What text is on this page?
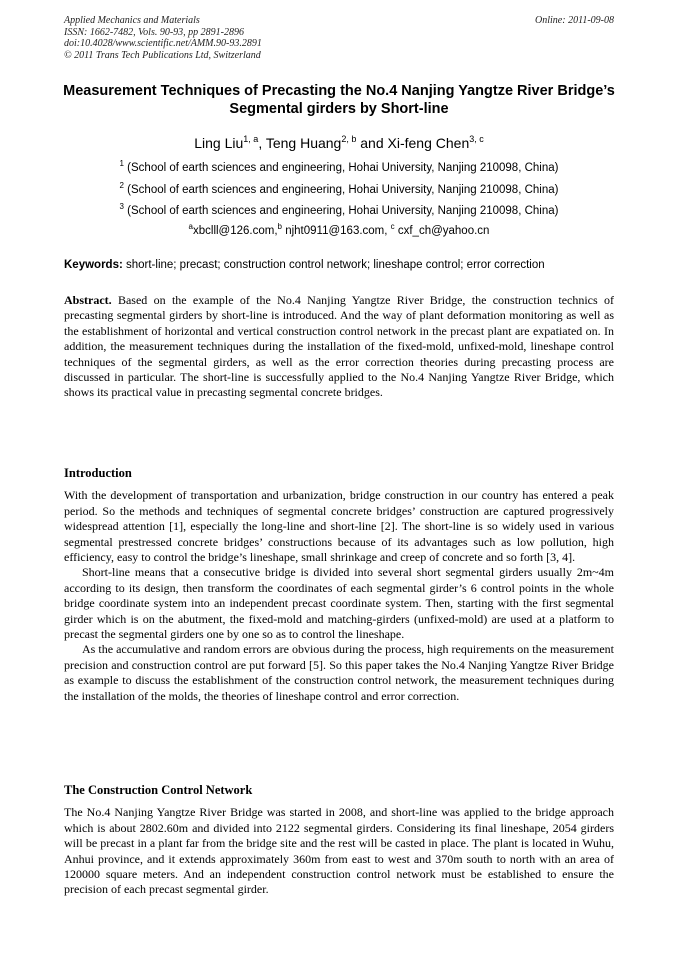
Applied Mechanics and Materials
ISSN: 1662-7482, Vols. 90-93, pp 2891-2896
doi:10.4028/www.scientific.net/AMM.90-93.2891
© 2011 Trans Tech Publications Ltd, Switzerland
Online: 2011-09-08
Measurement Techniques of Precasting the No.4 Nanjing Yangtze River Bridge’s Segmental girders by Short-line
Ling Liu$^{1, a}$, Teng Huang$^{2, b}$ and Xi-feng Chen$^{3, c}$
$^1$ (School of earth sciences and engineering, Hohai University, Nanjing 210098, China)
$^2$ (School of earth sciences and engineering, Hohai University, Nanjing 210098, China)
$^3$ (School of earth sciences and engineering, Hohai University, Nanjing 210098, China)
$^a$xbclll@126.com,$^b$ njht0911@163.com, $^c$ cxf_ch@yahoo.cn
Keywords: short-line; precast; construction control network; lineshape control; error correction

Abstract. Based on the example of the No.4 Nanjing Yangtze River Bridge, the construction technics of precasting segmental girders by short-line is introduced. And the way of plant deformation monitoring as well as the establishment of horizontal and vertical construction control network in the precast plant are expatiated on. In addition, the measurement techniques during the installation of the fixed-mold, unfixed-mold, lineshape control techniques of the segmental girders, as well as the error correction theories during precasting process are discussed in particular. The short-line is successfully applied to the No.4 Nanjing Yangtze River Bridge, which shows its practical value in precasting segmental concrete bridges.

Introduction

With the development of transportation and urbanization, bridge construction in our country has entered a peak period. So the methods and techniques of segmental concrete bridges’ construction are captured progressively widespread attention [1], especially the long-line and short-line [2]. The short-line is so widely used in various segmental prestressed concrete bridges’ constructions because of its advantages such as low pollution, high efficiency, easy to control the bridge’s lineshape, small shrinkage and creep of concrete and so forth [3, 4].

Short-line means that a consecutive bridge is divided into several short segmental girders usually 2m~4m according to its design, then transform the coordinates of each segmental girder’s 6 control points in the whole bridge coordinate system into an independent precast coordinate system. Then, starting with the first segmental girder which is on the abutment, the fixed-mold and matching-girders (unfixed-mold) are used at a platform to precast the segmental girders one by one so as to control the lineshape.

As the accumulative and random errors are obvious during the process, high requirements on the measurement precision and construction control are put forward [5]. So this paper takes the No.4 Nanjing Yangtze River Bridge as example to discuss the establishment of the construction control network, the measurement techniques during the installation of the molds, the theories of lineshape control and error correction.

The Construction Control Network

The No.4 Nanjing Yangtze River Bridge was started in 2008, and short-line was applied to the bridge approach which is about 2802.60m and divided into 2122 segmental girders. Considering its final lineshape, 2054 girders will be precast in a plant far from the bridge site and the rest will be casted in place. The plant is located in Wuhu, Anhui province, and it extends approximately 360m from east to west and 370m south to north with an area of 120000 square meters. And an independent construction control network must be established to ensure the precision of each precast segmental girder.
